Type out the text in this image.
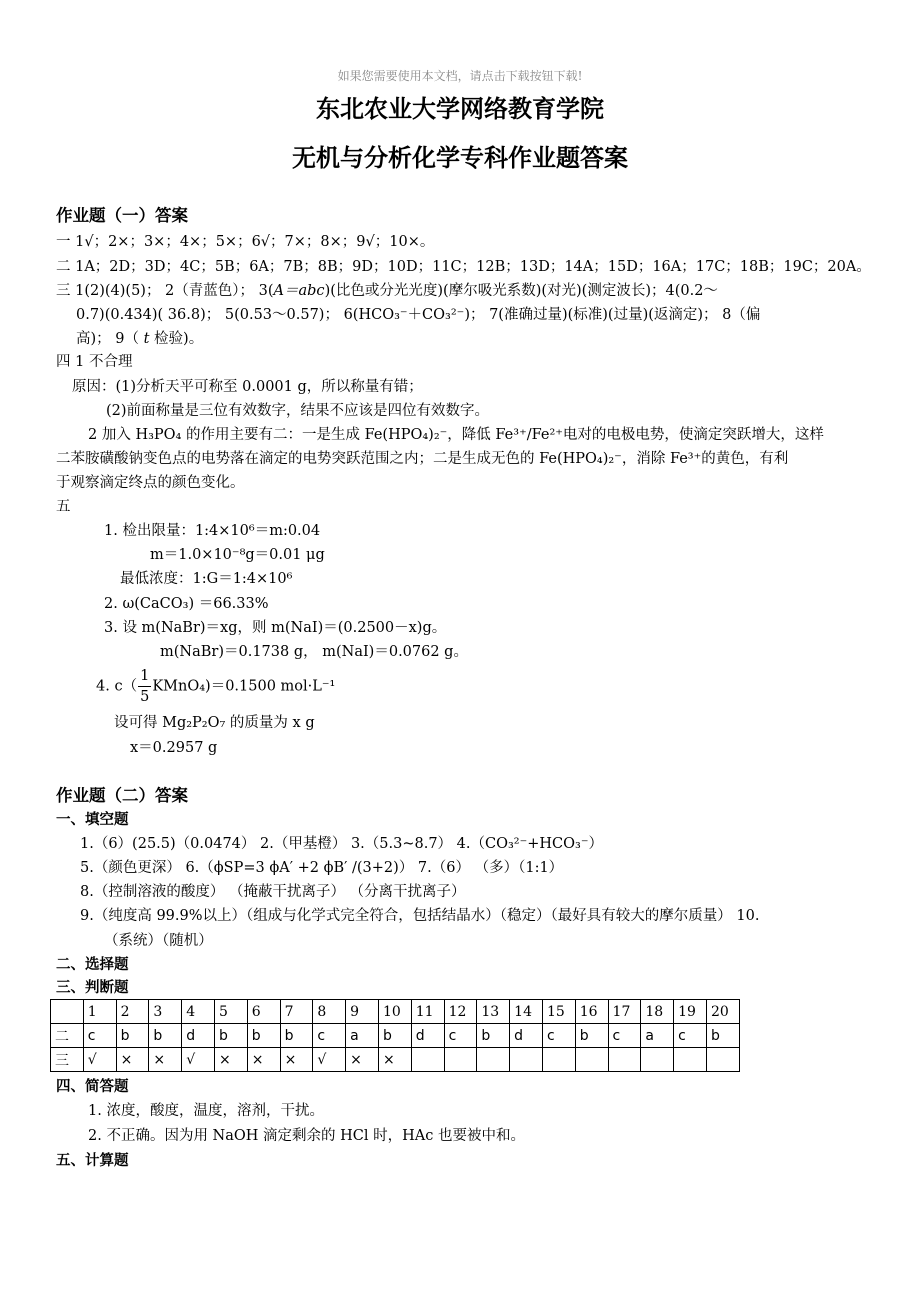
如果您需要使用本文档，请点击下载按钮下载!
东北农业大学网络教育学院
无机与分析化学专科作业题答案
作业题（一）答案
一 1√；2×；3×；4×；5×；6√；7×；8×；9√；10×。
二 1A；2D；3D；4C；5B；6A；7B；8B；9D；10D；11C；12B；13D；14A；15D；16A；17C；18B；19C；20A。
三 1(2)(4)(5)； 2（青蓝色）； 3(A＝abc)(比色或分光光度)(摩尔吸光系数)(对光)(测定波长)；4(0.2～
0.7)(0.434)( 36.8)； 5(0.53～0.57)； 6(HCO₃⁻＋CO₃²⁻)； 7(准确过量)(标准)(过量)(返滴定)； 8（偏
高)； 9（ t 检验)。
四 1 不合理
原因：(1)分析天平可称至 0.0001 g，所以称量有错；
(2)前面称量是三位有效数字，结果不应该是四位有效数字。
2 加入 H₃PO₄ 的作用主要有二：一是生成 Fe(HPO₄)₂⁻，降低 Fe³⁺/Fe²⁺电对的电极电势，使滴定突跃增大，这样
二苯胺磺酸钠变色点的电势落在滴定的电势突跃范围之内；二是生成无色的 Fe(HPO₄)₂⁻，消除 Fe³⁺的黄色，有利
于观察滴定终点的颜色变化。
五
1. 检出限量：1:4×10⁶＝m:0.04
m＝1.0×10⁻⁸g＝0.01 μg
最低浓度：1:G＝1:4×10⁶
2. ω(CaCO₃) ＝66.33%
3. 设 m(NaBr)＝xg，则 m(NaI)＝(0.2500－x)g。
m(NaBr)＝0.1738 g， m(NaI)＝0.0762 g。
4. $c( \frac{1}{5}$ KMnO₄)＝0.1500 mol·L⁻¹
设可得 Mg₂P₂O₇ 的质量为 x g
x＝0.2957 g
作业题（二）答案
一、填空题
1.（6）(25.5)（0.0474） 2.（甲基橙） 3.（5.3~8.7） 4.（CO₃²⁻+HCO₃⁻）
5.（颜色更深） 6.（ϕSP=3 ϕA′ +2 ϕB′ /(3+2)） 7.（6） （多）（1:1）
8.（控制溶液的酸度） （掩蔽干扰离子） （分离干扰离子）
9.（纯度高 99.9%以上）（组成与化学式完全符合，包括结晶水）（稳定）（最好具有较大的摩尔质量） 10.
（系统）（随机）
二、选择题
三、判断题
	1	2	3	4	5	6	7	8	9	10	11	12	13	14	15	16	17	18	19	20
二	c	b	b	d	b	b	b	c	a	b	d	c	b	d	c	b	c	a	c	b
三	√	×	×	√	×	×	×	√	×	×										
四、简答题
1. 浓度，酸度，温度，溶剂，干扰。
2. 不正确。因为用 NaOH 滴定剩余的 HCl 时，HAc 也要被中和。
五、计算题
